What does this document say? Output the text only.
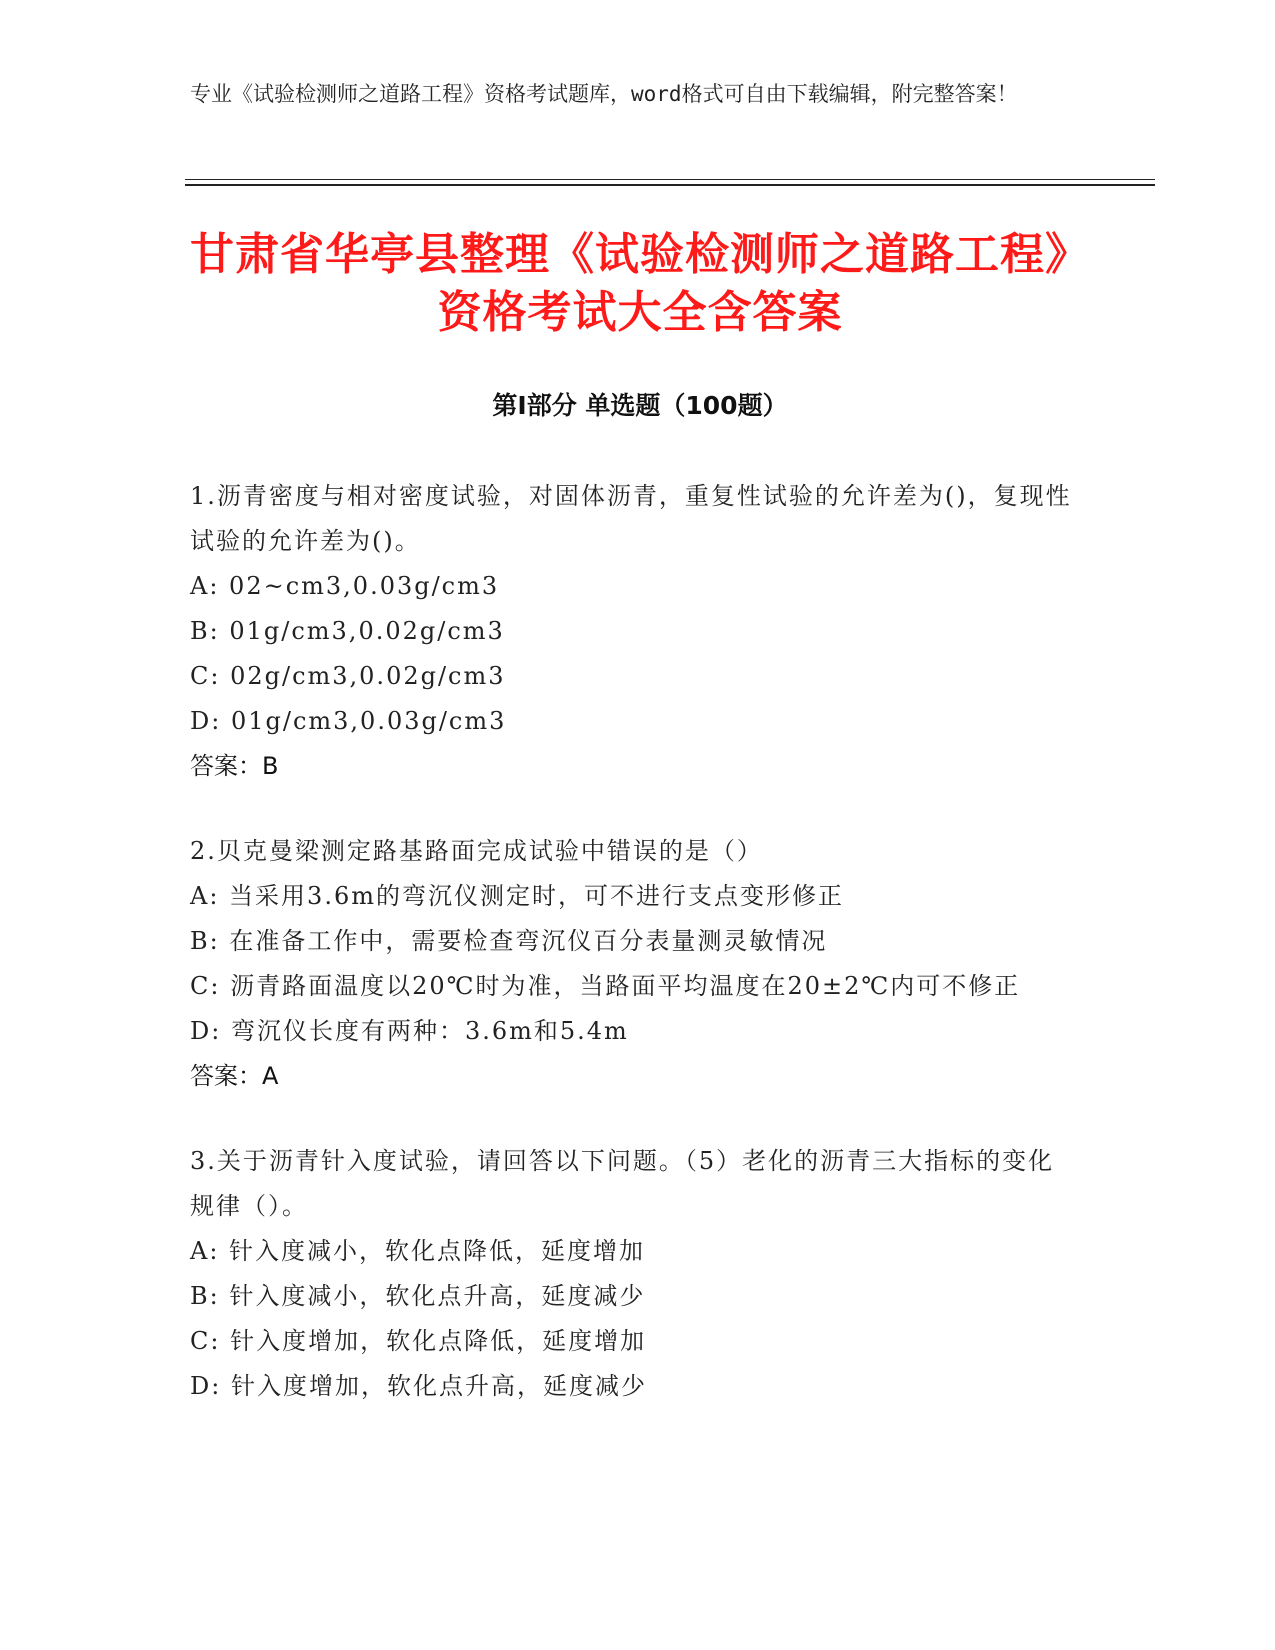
专业《试验检测师之道路工程》资格考试题库，word格式可自由下载编辑，附完整答案！
甘肃省华亭县整理《试验检测师之道路工程》资格考试大全含答案
第I部分 单选题（100题）
1.沥青密度与相对密度试验，对固体沥青，重复性试验的允许差为()，复现性试验的允许差为()。
A: 02~cm3,0.03g/cm3
B: 01g/cm3,0.02g/cm3
C: 02g/cm3,0.02g/cm3
D: 01g/cm3,0.03g/cm3
答案：B
2.贝克曼梁测定路基路面完成试验中错误的是（）
A: 当采用3.6m的弯沉仪测定时，可不进行支点变形修正
B: 在准备工作中，需要检查弯沉仪百分表量测灵敏情况
C: 沥青路面温度以20℃时为准，当路面平均温度在20±2℃内可不修正
D: 弯沉仪长度有两种：3.6m和5.4m
答案：A
3.关于沥青针入度试验，请回答以下问题。（5）老化的沥青三大指标的变化规律（）。
A: 针入度减小，软化点降低，延度增加
B: 针入度减小，软化点升高，延度减少
C: 针入度增加，软化点降低，延度增加
D: 针入度增加，软化点升高，延度减少
